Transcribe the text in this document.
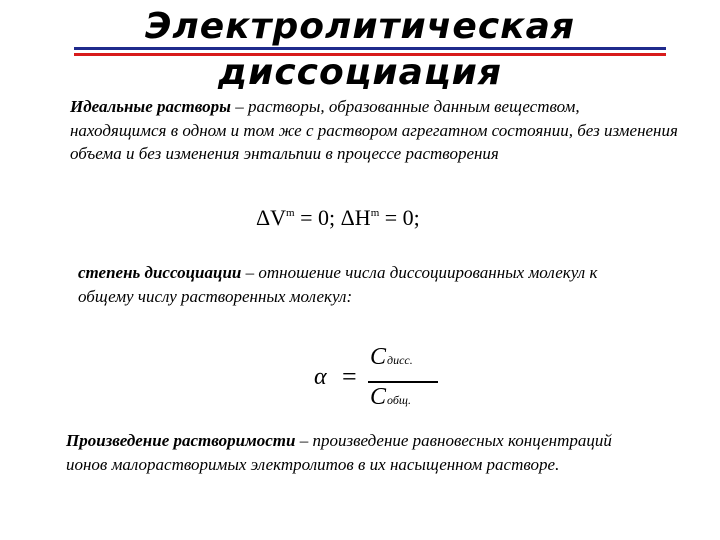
Электролитическая
диссоциация

Идеальные растворы – растворы, образованные данным веществом, находящимся в одном и том же с раствором агрегатном состоянии, без изменения объема и без изменения энтальпии в процессе растворения

$\Delta V^m = 0$; $\Delta H^m = 0$;

степень диссоциации – отношение числа диссоциированных молекул к общему числу растворенных молекул:

α =
Cдисс.
Cобщ.

Произведение растворимости – произведение равновесных концентраций ионов малорастворимых электролитов в их насыщенном растворе.
